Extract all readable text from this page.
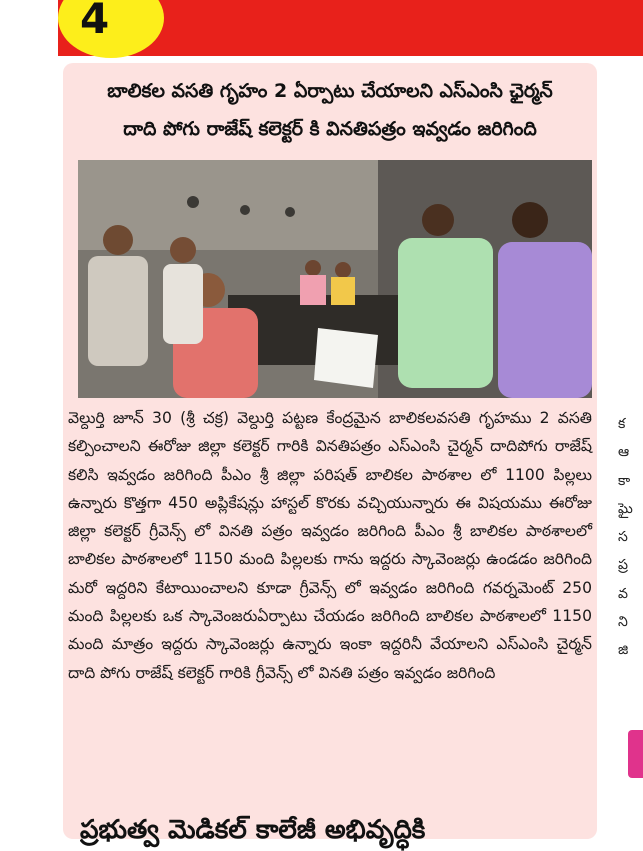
4
బాలికల వసతి గృహం 2 ఏర్పాటు చేయాలని ఎస్ఎంసి ఛైర్మన్
దాది పోగు రాజేష్ కలెక్టర్ కి వినతిపత్రం ఇవ్వడం జరిగింది
వెల్దుర్తి జూన్ 30 (శ్రీ చక్ర) వెల్దుర్తి పట్టణ కేంద్రమైన బాలికలవసతి గృహము 2 వసతి కల్పించాలని ఈరోజు జిల్లా కలెక్టర్ గారికి వినతిపత్రం ఎస్ఎంసి చైర్మన్ దాదిపోగు రాజేష్ కలిసి ఇవ్వడం జరిగింది పీఎం శ్రీ జిల్లా పరిషత్ బాలికల పాఠశాల లో 1100 పిల్లలు ఉన్నారు కొత్తగా 450 అప్లికేషన్లు హాస్టల్ కొరకు వచ్చియున్నారు ఈ విషయము ఈరోజు జిల్లా కలెక్టర్ గ్రీవెన్స్ లో వినతి పత్రం ఇవ్వడం జరిగింది పీఎం శ్రీ బాలికల పాఠశాలలో బాలికల పాఠశాలలో 1150 మంది పిల్లలకు గాను ఇద్దరు స్కావెంజర్లు ఉండడం జరిగింది మరో ఇద్దరిని కేటాయించాలని కూడా గ్రీవెన్స్ లో ఇవ్వడం జరిగింది గవర్నమెంట్ 250 మంది పిల్లలకు ఒక స్కావెంజరుఏర్పాటు చేయడం జరిగింది బాలికల పాఠశాలలో 1150 మంది మాత్రం ఇద్దరు స్కావెంజర్లు ఉన్నారు ఇంకా ఇద్దరినీ వేయాలని ఎస్ఎంసి చైర్మన్ దాది పోగు రాజేష్ కలెక్టర్ గారికి గ్రీవెన్స్ లో వినతి పత్రం ఇవ్వడం జరిగింది
క
ఆ
కా
ఘై
స
ప్ర
వ
ని
జి
ప్రభుత్వ మెడికల్ కాలేజీ అభివృద్ధికి
